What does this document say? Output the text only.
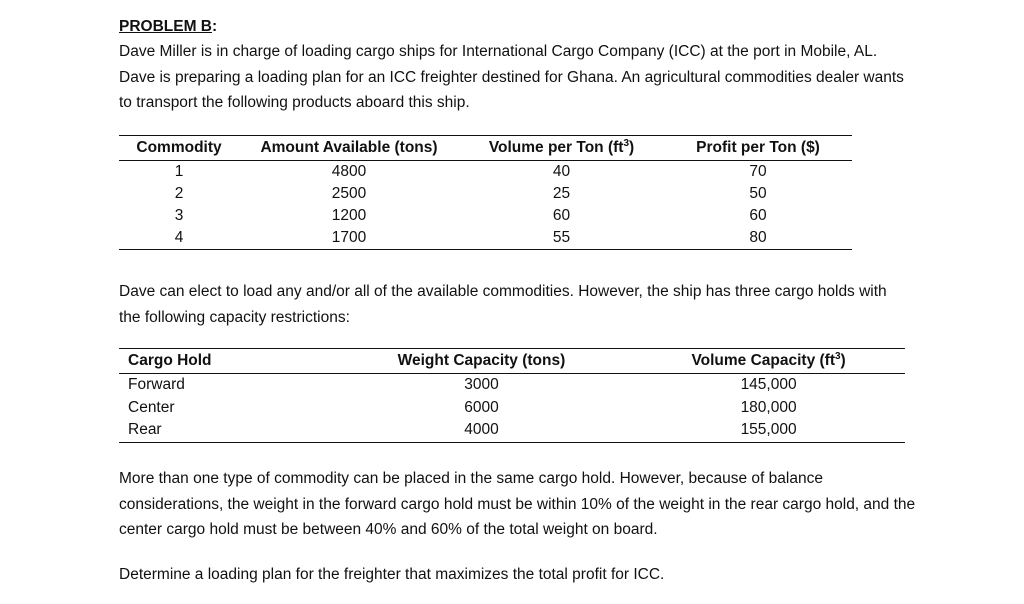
PROBLEM B:

Dave Miller is in charge of loading cargo ships for International Cargo Company (ICC) at the port in Mobile, AL. Dave is preparing a loading plan for an ICC freighter destined for Ghana. An agricultural commodities dealer wants to transport the following products aboard this ship.

Commodity	Amount Available (tons)	Volume per Ton $(ft^3)$	Profit per Ton ($)
1	4800	40	70
2	2500	25	50
3	1200	60	60
4	1700	55	80

Dave can elect to load any and/or all of the available commodities. However, the ship has three cargo holds with the following capacity restrictions:

Cargo Hold	Weight Capacity (tons)	Volume Capacity $(ft^3)$
Forward	3000	145,000
Center	6000	180,000
Rear	4000	155,000

More than one type of commodity can be placed in the same cargo hold. However, because of balance considerations, the weight in the forward cargo hold must be within 10% of the weight in the rear cargo hold, and the center cargo hold must be between 40% and 60% of the total weight on board.

Determine a loading plan for the freighter that maximizes the total profit for ICC.
